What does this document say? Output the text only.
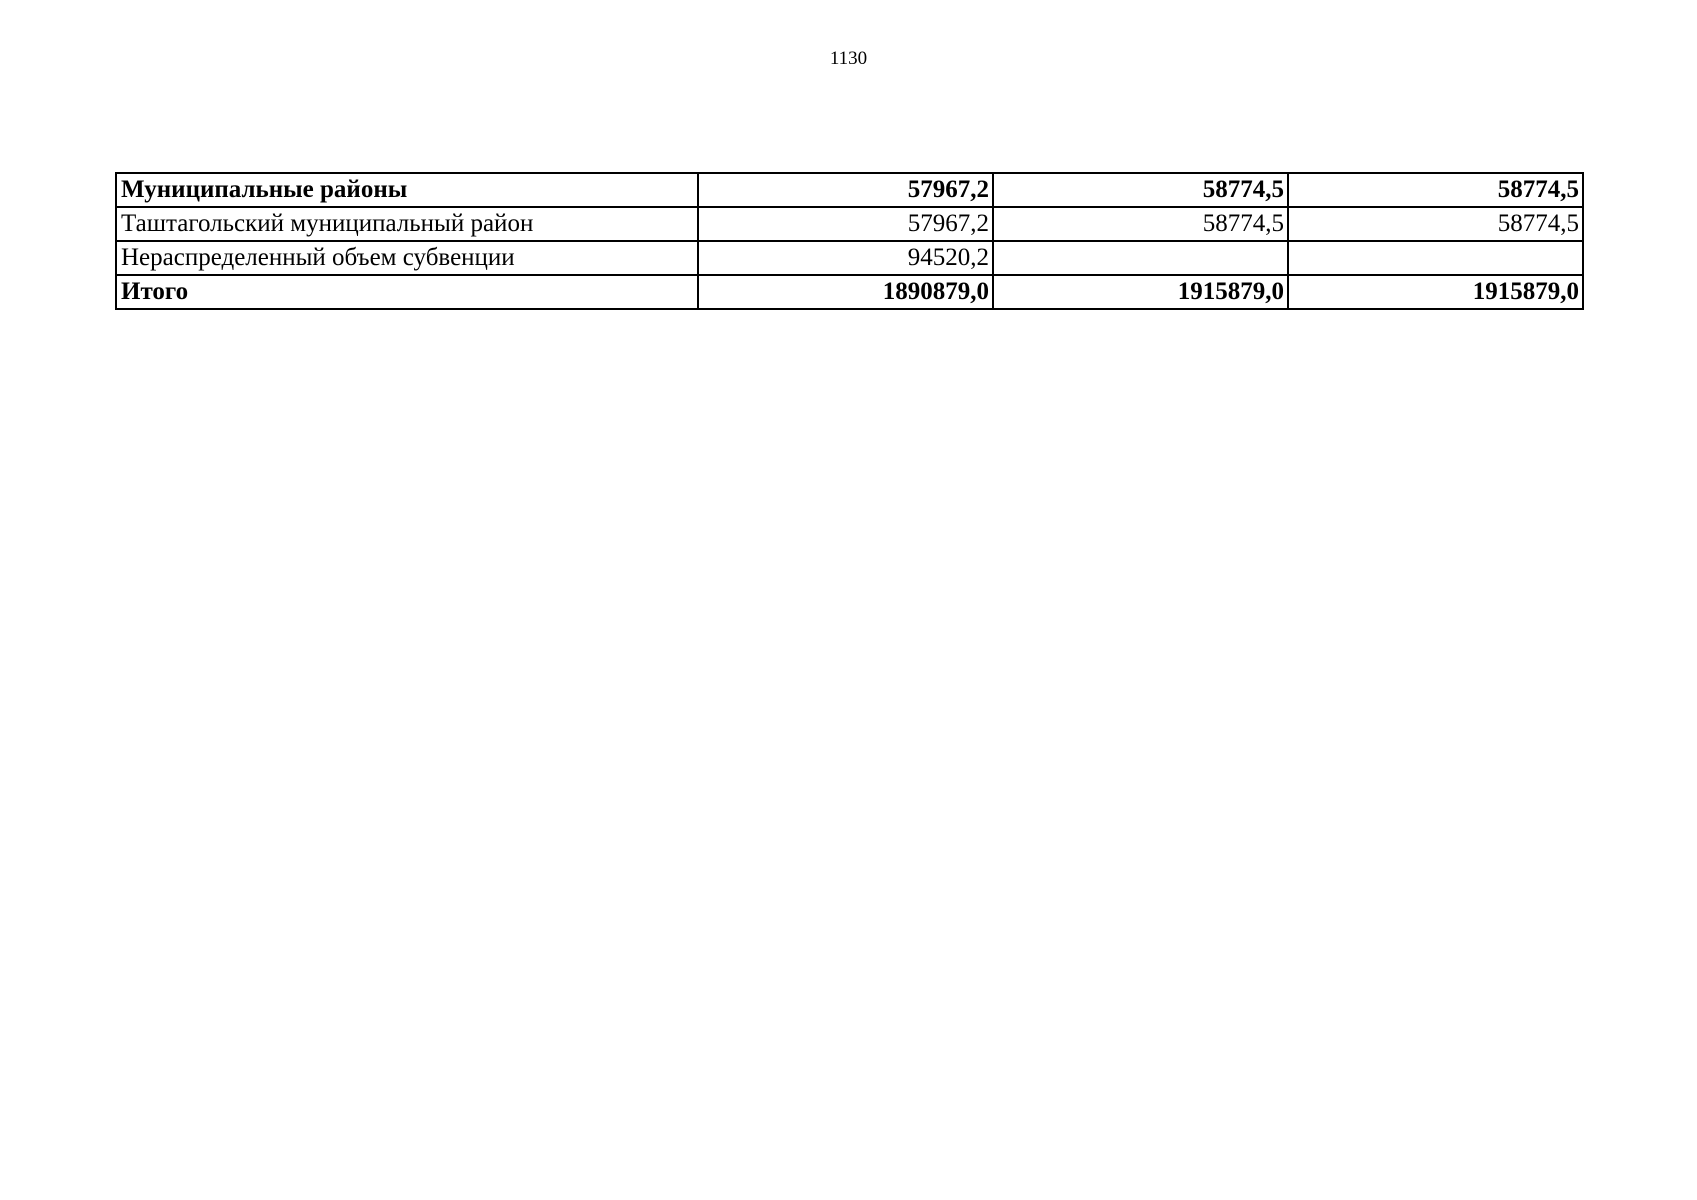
1130
Муниципальные районы	57967,2	58774,5	58774,5
Таштагольский муниципальный район	57967,2	58774,5	58774,5
Нераспределенный объем субвенции	94520,2		
Итого	1890879,0	1915879,0	1915879,0
